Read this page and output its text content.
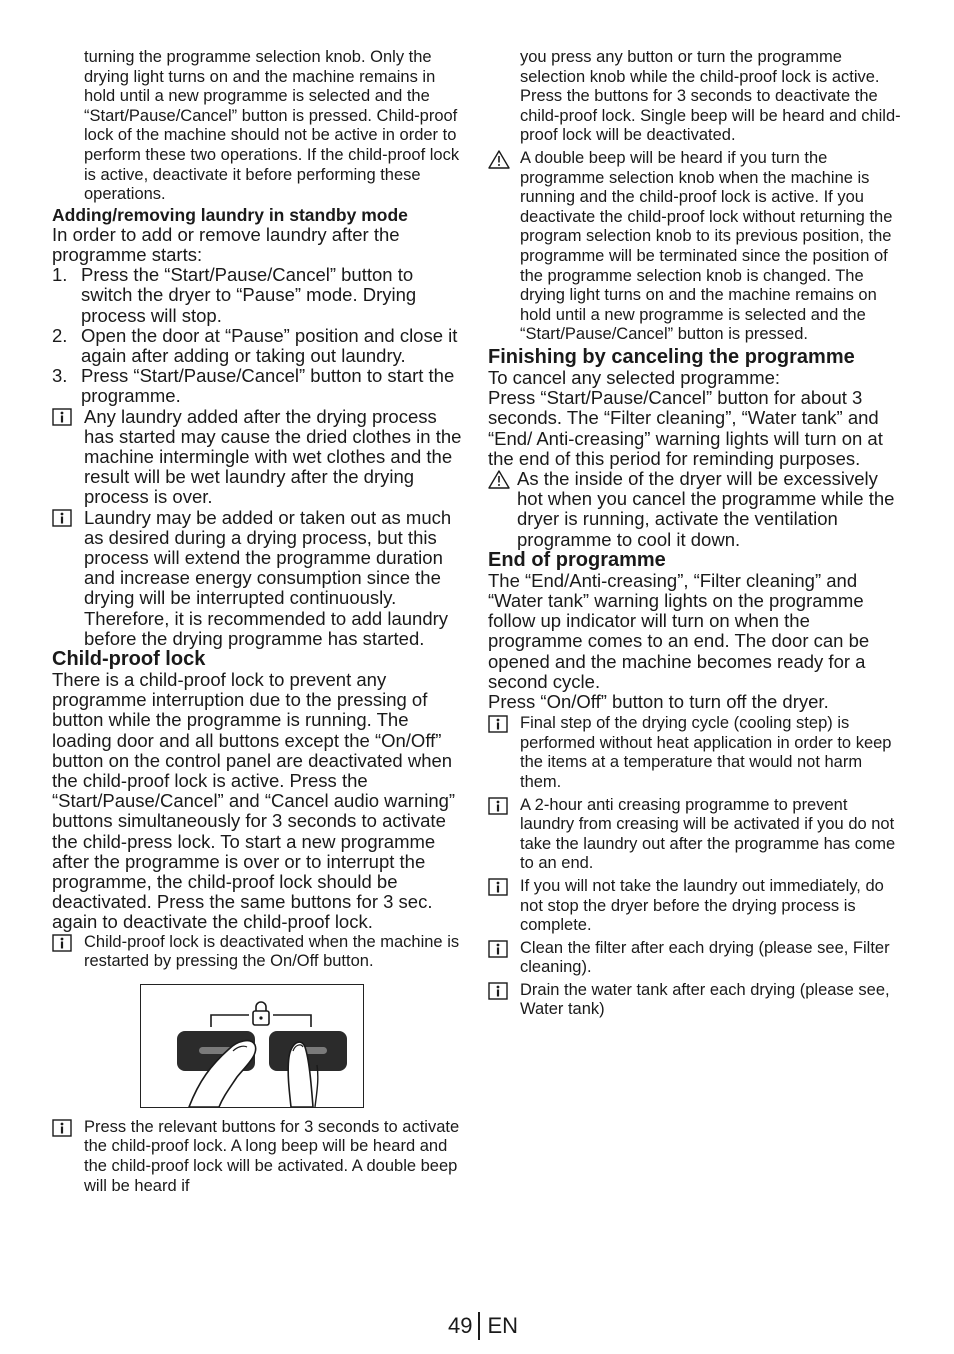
turning the programme selection knob. Only the drying light turns on and the machine remains in hold until a new programme is selected and the “Start/Pause/Cancel” button is pressed. Child-proof lock of the machine should not be active in order to perform these two operations. If the child-proof lock is active, deactivate it before performing these operations.

Adding/removing laundry in standby mode

In order to add or remove laundry after the programme starts:

1. Press the “Start/Pause/Cancel” button to switch the dryer to “Pause” mode. Drying process will stop.
2. Open the door at “Pause” position and close it again after adding or taking out laundry.
3. Press “Start/Pause/Cancel” button to start the programme.

Any laundry added after the drying process has started may cause the dried clothes in the machine intermingle with wet clothes and the result will be wet laundry after the drying process is over.

Laundry may be added or taken out as much as desired during a drying process, but this process will extend the programme duration and increase energy consumption since the drying will be interrupted continuously. Therefore, it is recommended to add laundry before the drying programme has started.

Child-proof lock

There is a child-proof lock to prevent any programme interruption due to the pressing of button while the programme is running. The loading door and all buttons except the “On/Off” button on the control panel are deactivated when the child-proof lock is active. Press the “Start/Pause/Cancel” and “Cancel audio warning” buttons simultaneously for 3 seconds to activate the child-press lock. To start a new programme after the programme is over or to interrupt the programme, the child-proof lock should be deactivated. Press the same buttons for 3 sec. again to deactivate the child-proof lock.

Child-proof lock is deactivated when the machine is restarted by pressing the On/Off button.

Press the relevant buttons for 3 seconds to activate the child-proof lock. A long beep will be heard and the child-proof lock will be activated. A double beep will be heard if

you press any button or turn the programme selection knob while the child-proof lock is active. Press the buttons for 3 seconds to deactivate the child-proof lock. Single beep will be heard and child-proof lock will be deactivated.

A double beep will be heard if you turn the programme selection knob when the machine is running and the child-proof lock is active. If you deactivate the child-proof lock without returning the program selection knob to its previous position, the programme will be terminated since the position of the programme selection knob is changed. The drying light turns on and the machine remains on hold until a new programme is selected and the “Start/Pause/Cancel” button is pressed.

Finishing by canceling the programme

To cancel any selected programme:

Press “Start/Pause/Cancel” button for about 3 seconds. The “Filter cleaning”, “Water tank” and “End/ Anti-creasing” warning lights will turn on at the end of this period for reminding purposes.

As the inside of the dryer will be excessively hot when you cancel the programme while the dryer is running, activate the ventilation programme to cool it down.

End of programme

The “End/Anti-creasing”, “Filter cleaning” and “Water tank” warning lights on the programme follow up indicator will turn on when the programme comes to an end. The door can be opened and the machine becomes ready for a second cycle.

Press “On/Off” button to turn off the dryer.

Final step of the drying cycle (cooling step) is performed without heat application in order to keep the items at a temperature that would not harm them.

A 2-hour anti creasing programme to prevent laundry from creasing will be activated if you do not take the laundry out after the programme has come to an end.

If you will not take the laundry out immediately, do not stop the dryer before the drying process is complete.

Clean the filter after each drying (please see, Filter cleaning).

Drain the water tank after each drying (please see, Water tank)

49 EN
